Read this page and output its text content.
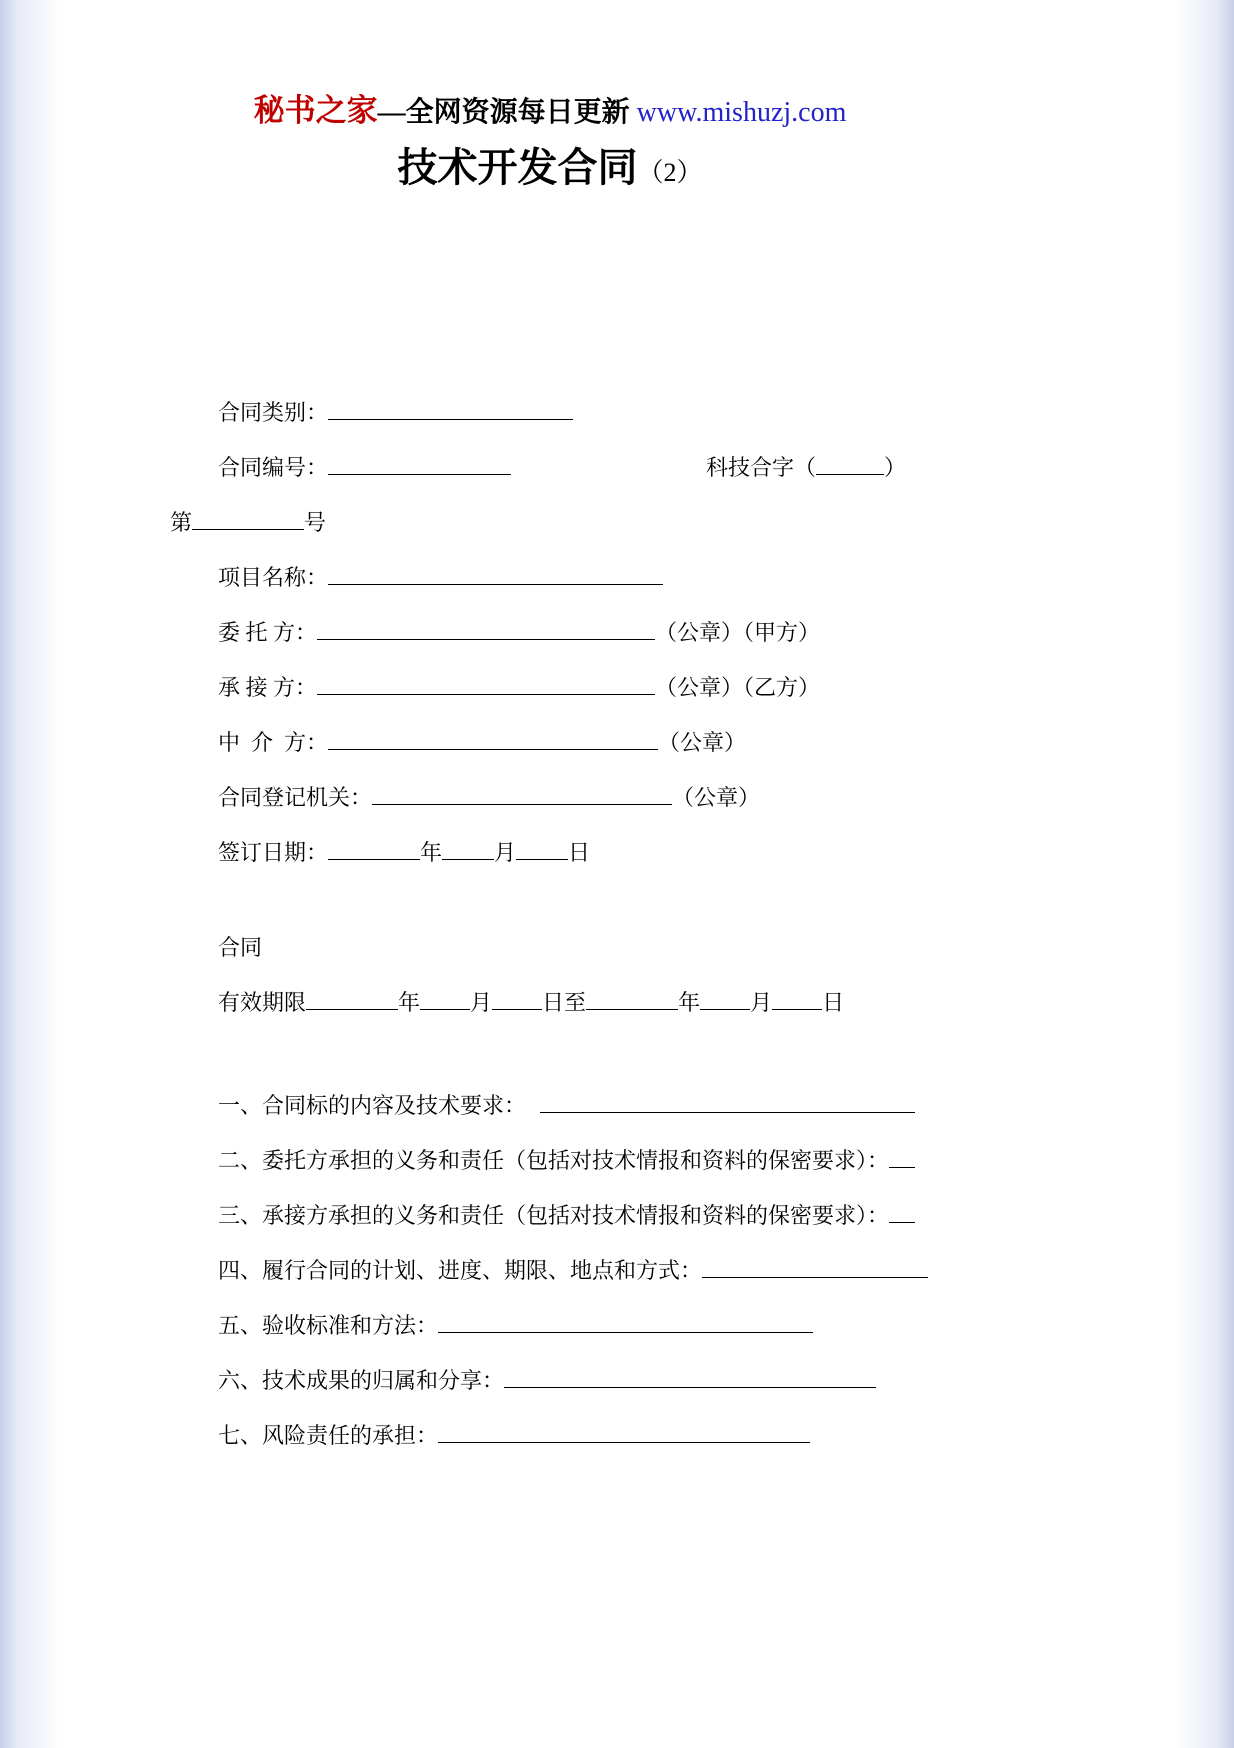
秘书之家—全网资源每日更新 www.mishuzj.com
技术开发合同（2）
合同类别：
合同编号：	科技合字（	）
第	号
项目名称：
委 托 方：	（公章）（甲方）
承 接 方：	（公章）（乙方）
中  介  方：	（公章）
合同登记机关：	（公章）
签订日期：	年 月 日
合同
有效期限	年 月 日至	年 月 日
一、合同标的内容及技术要求：
二、委托方承担的义务和责任（包括对技术情报和资料的保密要求）：
三、承接方承担的义务和责任（包括对技术情报和资料的保密要求）：
四、履行合同的计划、进度、期限、地点和方式：
五、验收标准和方法：
六、技术成果的归属和分享：
七、风险责任的承担：
